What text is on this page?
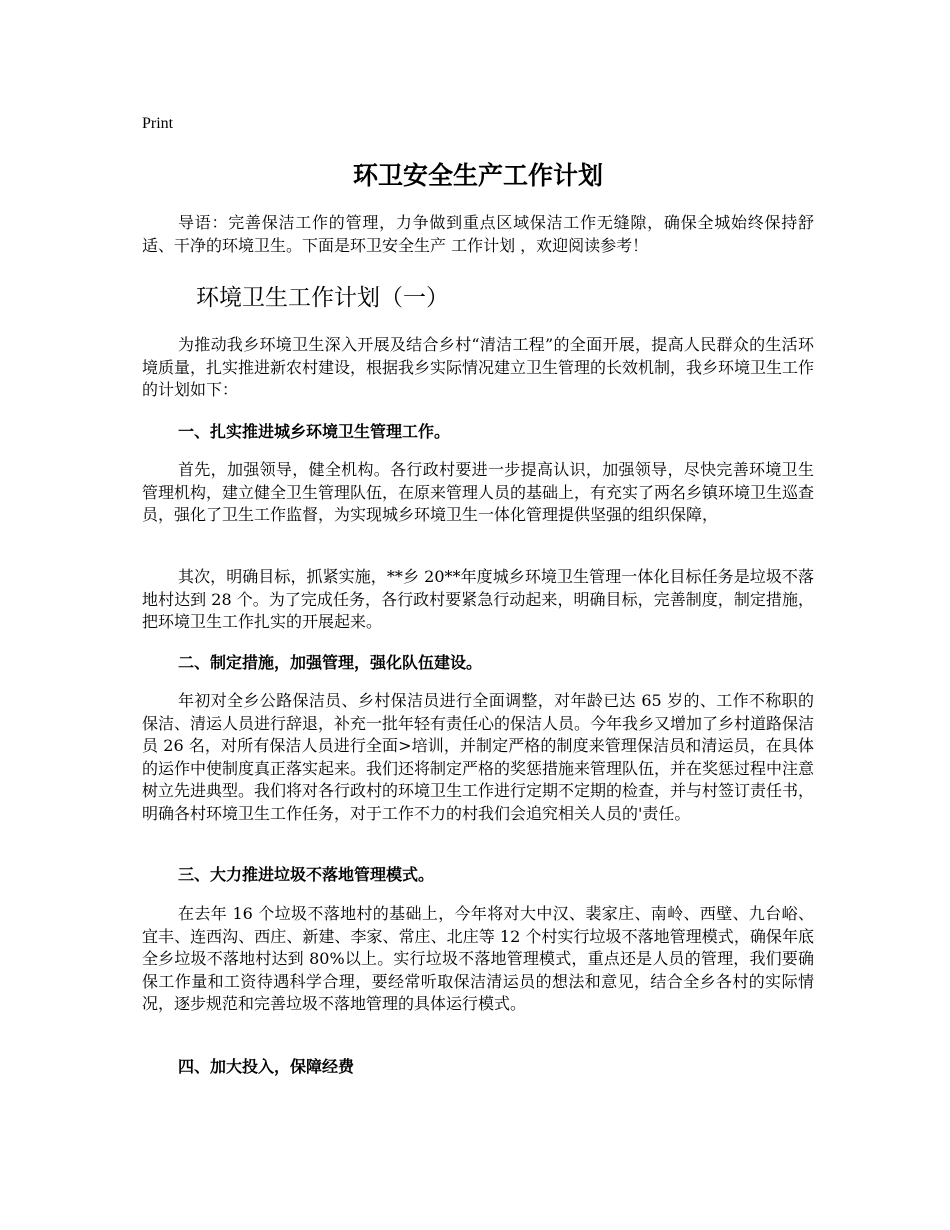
Print
环卫安全生产工作计划

导语：完善保洁工作的管理，力争做到重点区域保洁工作无缝隙，确保全城始终保持舒适、干净的环境卫生。下面是环卫安全生产 工作计划 ，欢迎阅读参考！

环境卫生工作计划（一）

为推动我乡环境卫生深入开展及结合乡村“清洁工程”的全面开展，提高人民群众的生活环境质量，扎实推进新农村建设，根据我乡实际情况建立卫生管理的长效机制，我乡环境卫生工作的计划如下：

一、扎实推进城乡环境卫生管理工作。

首先，加强领导，健全机构。各行政村要进一步提高认识，加强领导，尽快完善环境卫生管理机构，建立健全卫生管理队伍，在原来管理人员的基础上，有充实了两名乡镇环境卫生巡查员，强化了卫生工作监督，为实现城乡环境卫生一体化管理提供坚强的组织保障，

其次，明确目标，抓紧实施，**乡 20**年度城乡环境卫生管理一体化目标任务是垃圾不落地村达到 28 个。为了完成任务，各行政村要紧急行动起来，明确目标，完善制度，制定措施，把环境卫生工作扎实的开展起来。

二、制定措施，加强管理，强化队伍建设。

年初对全乡公路保洁员、乡村保洁员进行全面调整，对年龄已达 65 岁的、工作不称职的保洁、清运人员进行辞退，补充一批年轻有责任心的保洁人员。今年我乡又增加了乡村道路保洁员 26 名，对所有保洁人员进行全面>培训，并制定严格的制度来管理保洁员和清运员，在具体的运作中使制度真正落实起来。我们还将制定严格的奖惩措施来管理队伍，并在奖惩过程中注意树立先进典型。我们将对各行政村的环境卫生工作进行定期不定期的检查，并与村签订责任书，明确各村环境卫生工作任务，对于工作不力的村我们会追究相关人员的'责任。

三、大力推进垃圾不落地管理模式。

在去年 16 个垃圾不落地村的基础上，今年将对大中汉、裴家庄、南岭、西壁、九台峪、宜丰、连西沟、西庄、新建、李家、常庄、北庄等 12 个村实行垃圾不落地管理模式，确保年底全乡垃圾不落地村达到 80%以上。实行垃圾不落地管理模式，重点还是人员的管理，我们要确保工作量和工资待遇科学合理，要经常听取保洁清运员的想法和意见，结合全乡各村的实际情况，逐步规范和完善垃圾不落地管理的具体运行模式。

四、加大投入，保障经费
